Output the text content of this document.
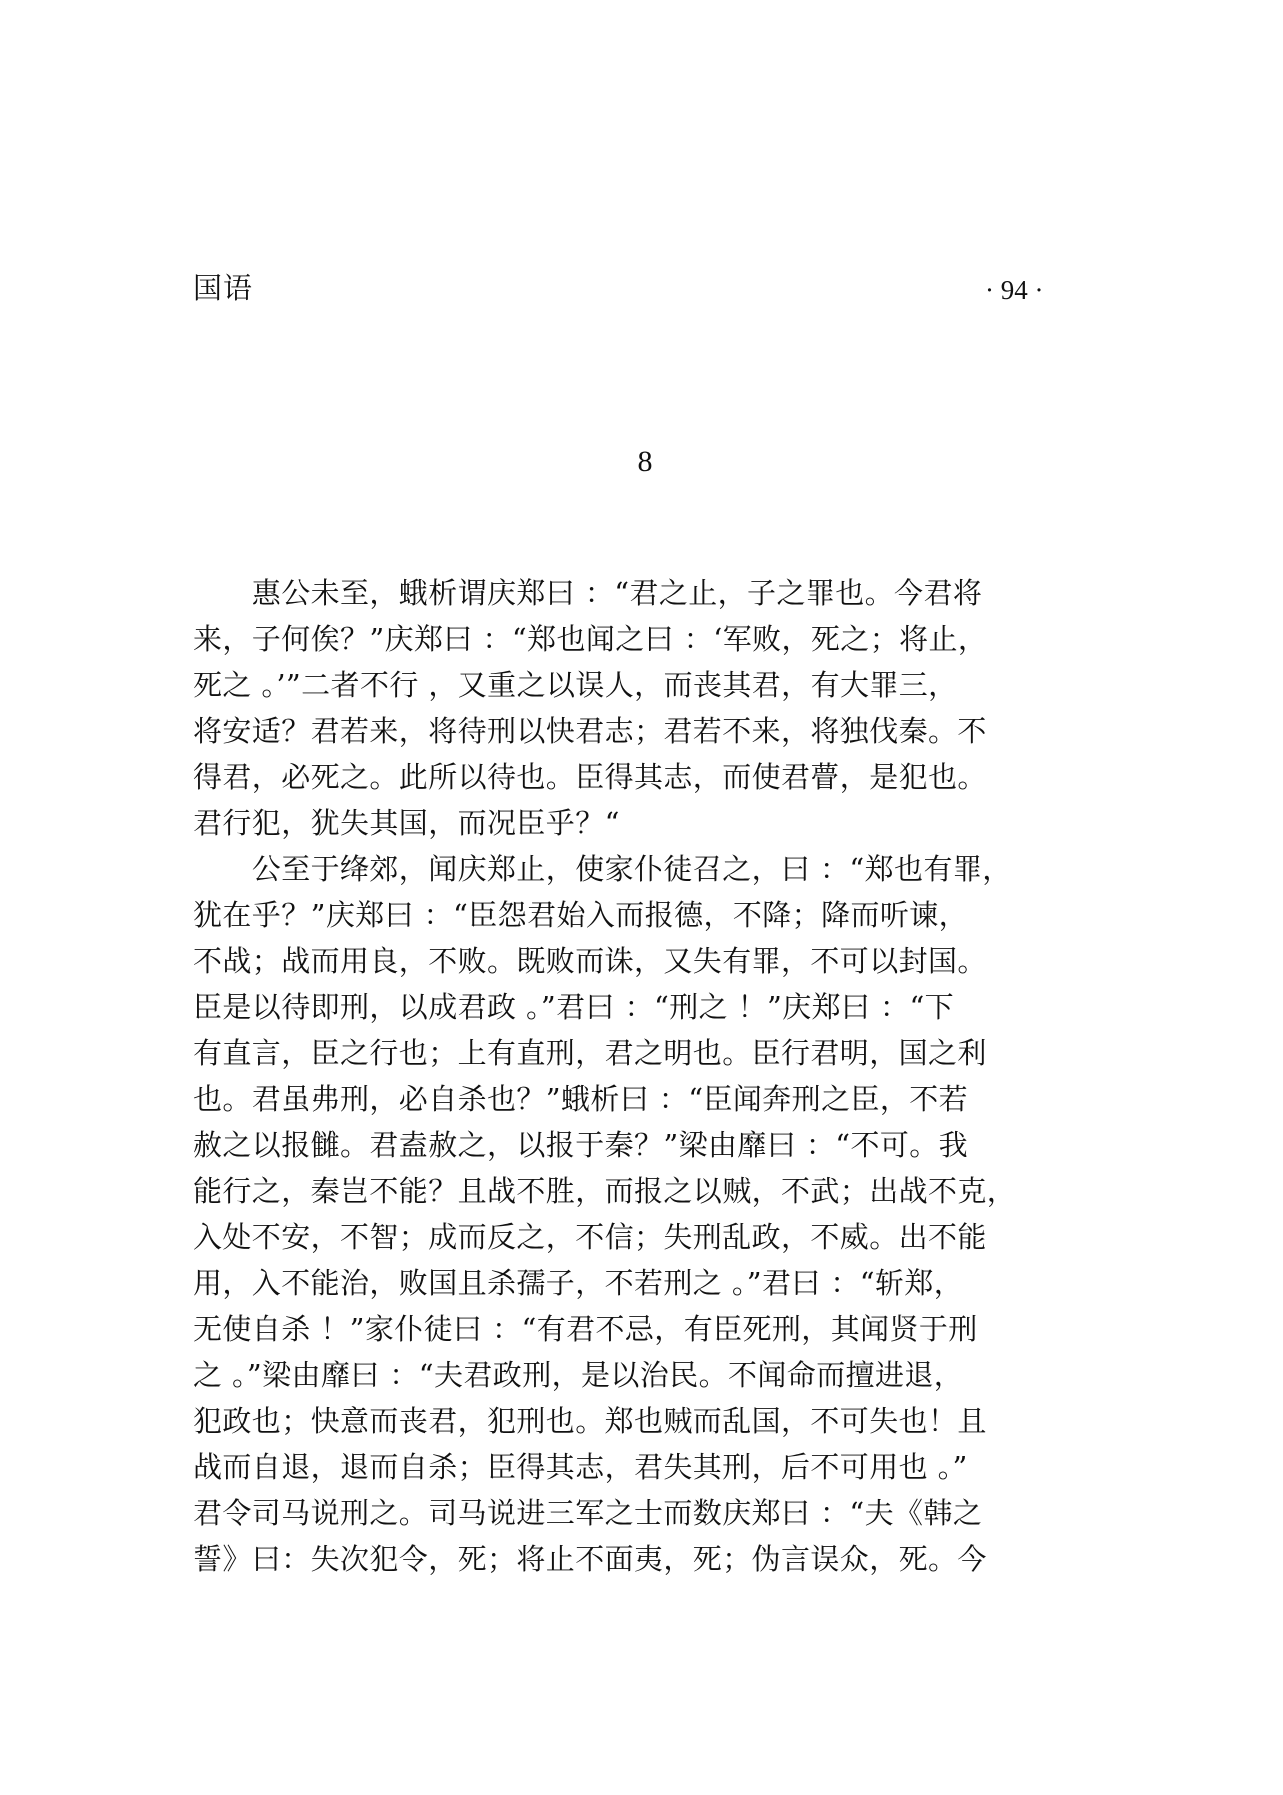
国语	· 94 ·
8
　　惠公未至，蛾析谓庆郑曰 ：“君之止，子之罪也。今君将
来，子何俟？”庆郑曰 ：“郑也闻之曰 ：‘军败，死之；将止，
死之 。’”二者不行 ，又重之以误人，而丧其君，有大罪三，
将安适？君若来，将待刑以快君志；君若不来，将独伐秦。不
得君，必死之。此所以待也。臣得其志，而使君瞢，是犯也。
君行犯，犹失其国，而况臣乎？“
　　公至于绛郊，闻庆郑止，使家仆徒召之，曰 ：“郑也有罪，
犹在乎？”庆郑曰 ：“臣怨君始入而报德，不降；降而听谏，
不战；战而用良，不败。既败而诛，又失有罪，不可以封国。
臣是以待即刑，以成君政 。”君曰 ：“刑之 ！”庆郑曰 ：“下
有直言，臣之行也；上有直刑，君之明也。臣行君明，国之利
也。君虽弗刑，必自杀也？”蛾析曰 ：“臣闻奔刑之臣，不若
赦之以报雠。君盍赦之，以报于秦？”梁由靡曰 ：“不可。我
能行之，秦岂不能？且战不胜，而报之以贼，不武；出战不克，
入处不安，不智；成而反之，不信；失刑乱政，不威。出不能
用，入不能治，败国且杀孺子，不若刑之 。”君曰 ：“斩郑，
无使自杀 ！”家仆徒曰 ：“有君不忌，有臣死刑，其闻贤于刑
之 。”梁由靡曰 ：“夫君政刑，是以治民。不闻命而擅进退，
犯政也；快意而丧君，犯刑也。郑也贼而乱国，不可失也！且
战而自退，退而自杀；臣得其志，君失其刑，后不可用也 。”
君令司马说刑之。司马说进三军之士而数庆郑曰 ：“夫《韩之
誓》曰：失次犯令，死；将止不面夷，死；伪言误众，死。今
